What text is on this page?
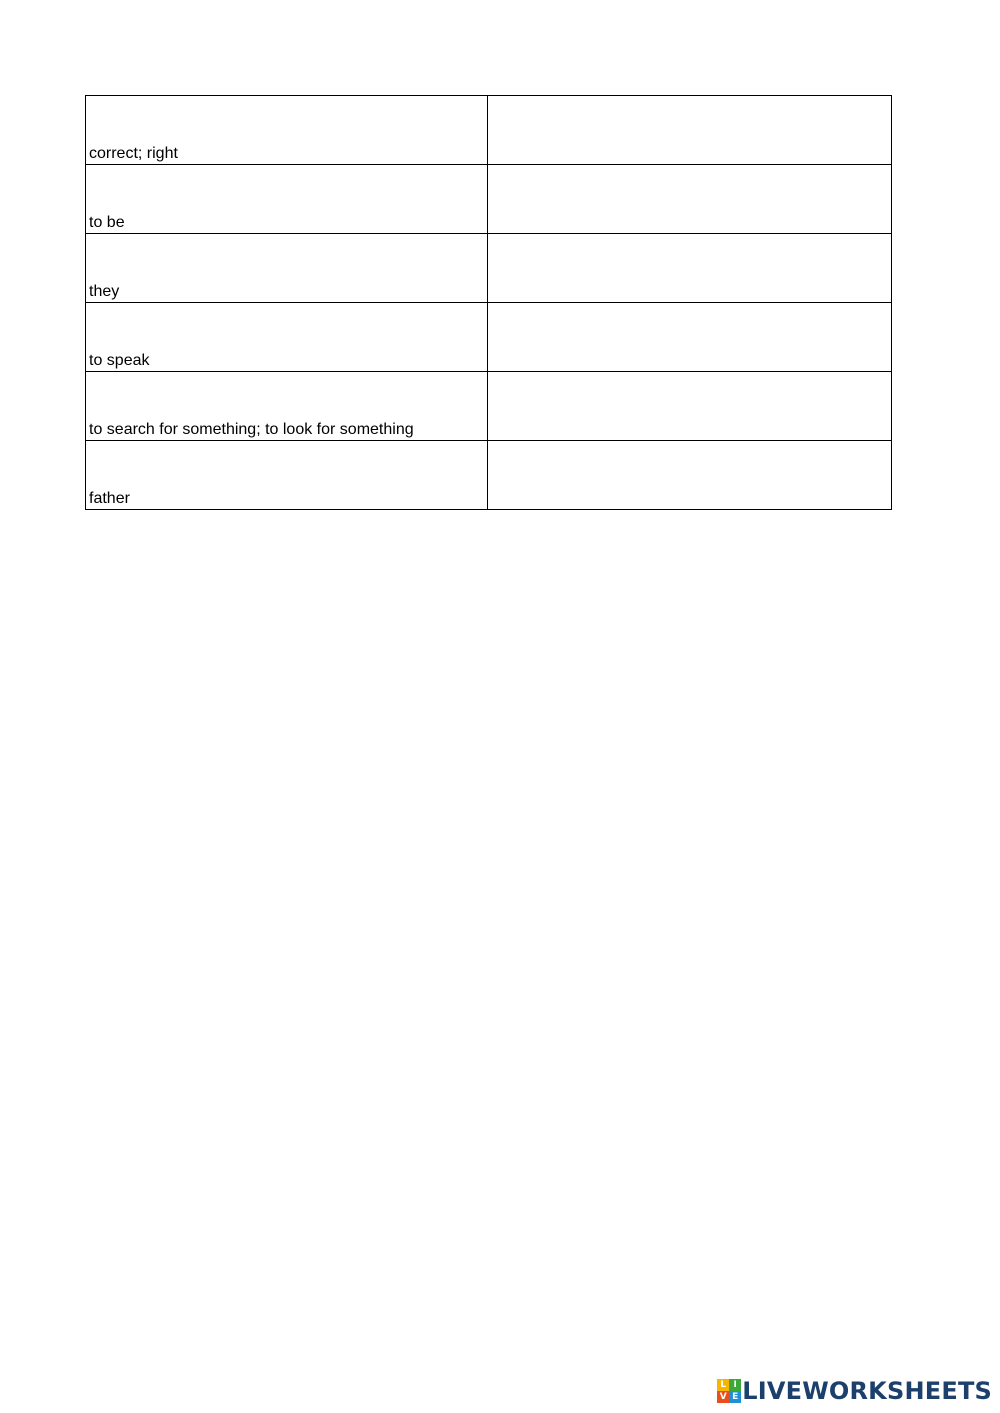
correct; right	
to be	
they	
to speak	
to search for something; to look for something	
father	
L I
V E LIVEWORKSHEETS
